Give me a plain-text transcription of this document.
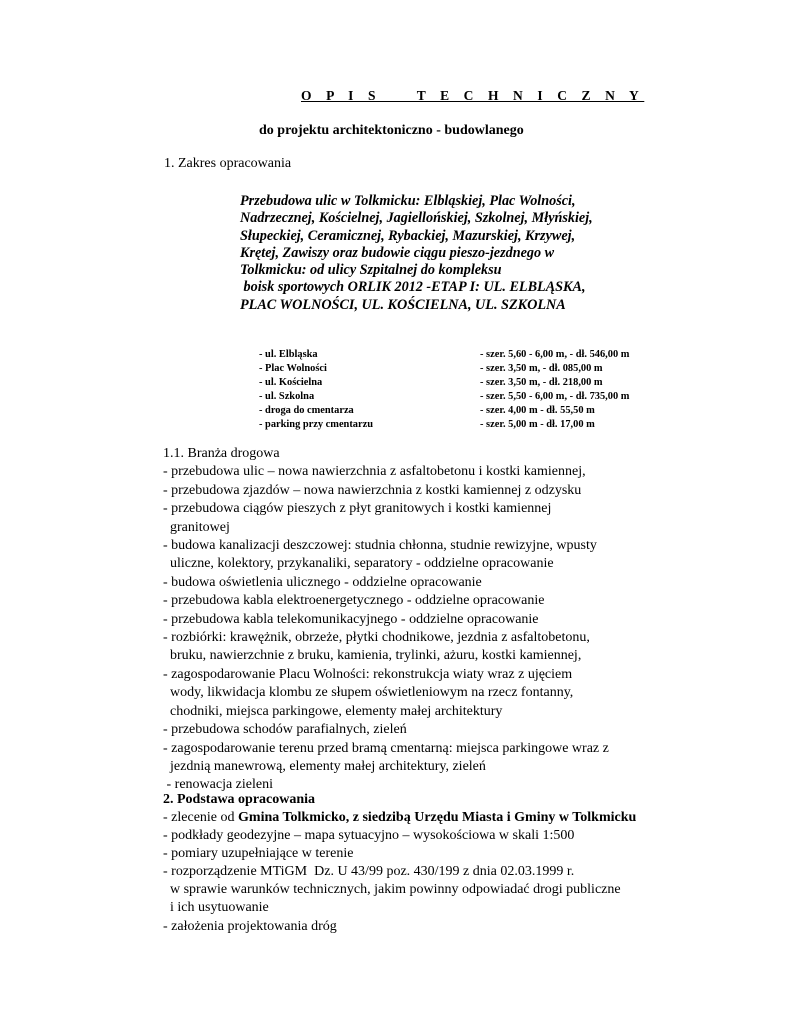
O P I S    T E C H N I C Z N Y
do projektu architektoniczno - budowlanego
1. Zakres opracowania
Przebudowa ulic w Tolkmicku: Elbląskiej, Plac Wolności,
Nadrzecznej, Kościelnej, Jagiellońskiej, Szkolnej, Młyńskiej,
Słupeckiej, Ceramicznej, Rybackiej, Mazurskiej, Krzywej,
Krętej, Zawiszy oraz budowie ciągu pieszo-jezdnego w
Tolkmicku: od ulicy Szpitalnej do kompleksu
boisk sportowych ORLIK 2012 -ETAP I: UL. ELBLĄSKA,
PLAC WOLNOŚCI, UL. KOŚCIELNA, UL. SZKOLNA
- ul. Elbląska	- szer. 5,60 - 6,00 m, - dł. 546,00 m
- Plac Wolności	- szer. 3,50 m, - dł. 085,00 m
- ul. Kościelna	- szer. 3,50 m, - dł. 218,00 m
- ul. Szkolna	- szer. 5,50 - 6,00 m, - dł. 735,00 m
- droga do cmentarza	- szer. 4,00 m - dł. 55,50 m
- parking przy cmentarzu	- szer. 5,00 m - dł. 17,00 m
1.1. Branża drogowa
- przebudowa ulic – nowa nawierzchnia z asfaltobetonu i kostki kamiennej,
- przebudowa zjazdów – nowa nawierzchnia z kostki kamiennej z odzysku
- przebudowa ciągów pieszych z płyt granitowych i kostki kamiennej
granitowej
- budowa kanalizacji deszczowej: studnia chłonna, studnie rewizyjne, wpusty
uliczne, kolektory, przykanaliki, separatory - oddzielne opracowanie
- budowa oświetlenia ulicznego - oddzielne opracowanie
- przebudowa kabla elektroenergetycznego - oddzielne opracowanie
- przebudowa kabla telekomunikacyjnego - oddzielne opracowanie
- rozbiórki: krawężnik, obrzeże, płytki chodnikowe, jezdnia z asfaltobetonu,
bruku, nawierzchnie z bruku, kamienia, trylinki, ażuru, kostki kamiennej,
- zagospodarowanie Placu Wolności: rekonstrukcja wiaty wraz z ujęciem
wody, likwidacja klombu ze słupem oświetleniowym na rzecz fontanny,
chodniki, miejsca parkingowe, elementy małej architektury
- przebudowa schodów parafialnych, zieleń
- zagospodarowanie terenu przed bramą cmentarną: miejsca parkingowe wraz z
jezdnią manewrową, elementy małej architektury, zieleń
- renowacja zieleni
2. Podstawa opracowania
- zlecenie od Gmina Tolkmicko, z siedzibą Urzędu Miasta i Gminy w Tolkmicku
- podkłady geodezyjne – mapa sytuacyjno – wysokościowa w skali 1:500
- pomiary uzupełniające w terenie
- rozporządzenie MTiGM  Dz. U 43/99 poz. 430/199 z dnia 02.03.1999 r.
w sprawie warunków technicznych, jakim powinny odpowiadać drogi publiczne
i ich usytuowanie
- założenia projektowania dróg
